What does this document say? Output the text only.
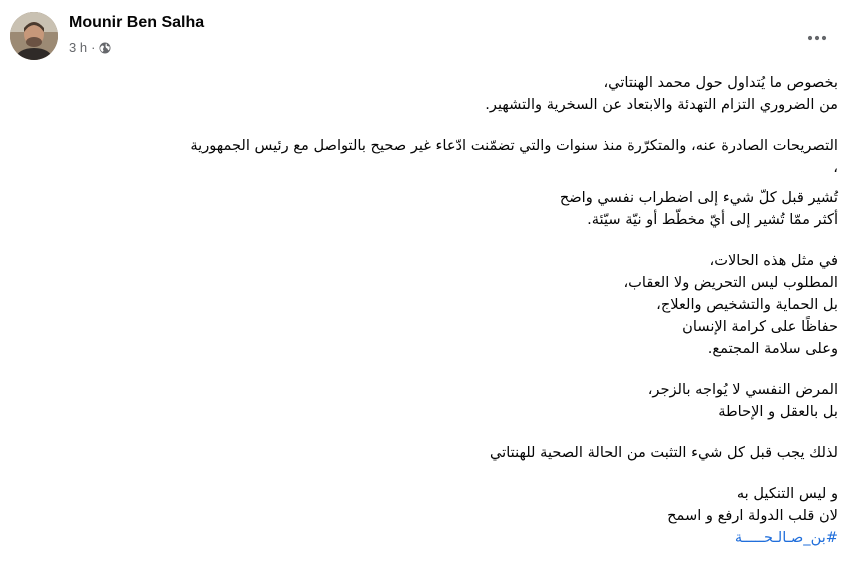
Mounir Ben Salha
3 h ·
بخصوص ما يُتداول حول محمد الهنتاتي،
من الضروري التزام التهدئة والابتعاد عن السخرية والتشهير.
التصريحات الصادرة عنه، والمتكرّرة منذ سنوات والتي تضمّنت ادّعاء غير صحيح بالتواصل مع رئيس الجمهورية
،
تُشير قبل كلّ شيء إلى اضطراب نفسي واضح
أكثر ممّا تُشير إلى أيّ مخطّط أو نيّة سيّئة.
في مثل هذه الحالات،
المطلوب ليس التحريض ولا العقاب،
بل الحماية والتشخيص والعلاج،
حفاظًا على كرامة الإنسان
وعلى سلامة المجتمع.
المرض النفسي لا يُواجه بالزجر،
بل بالعقل و الإحاطة
لذلك يجب قبل كل شيء التثبت من الحالة الصحية للهنتاتي
و ليس التنكيل به
لان قلب الدولة ارفع و اسمح
#بن_صـالـحـــــة
